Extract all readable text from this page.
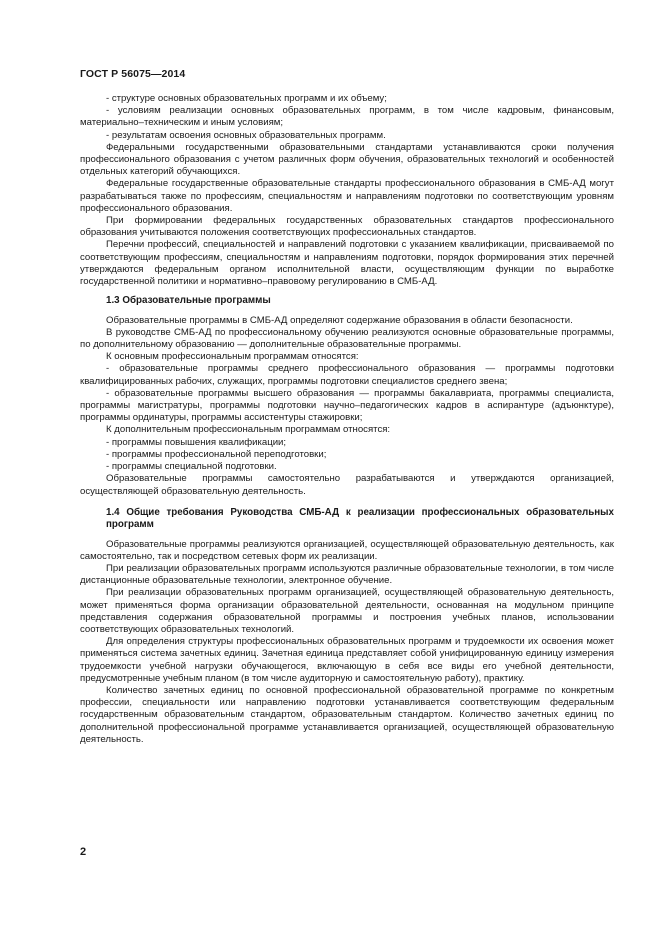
ГОСТ Р 56075—2014

- структуре основных образовательных программ и их объему;

- условиям реализации основных образовательных программ, в том числе кадровым, финансовым, материально–техническим и иным условиям;

- результатам освоения основных образовательных программ.

Федеральными государственными образовательными стандартами устанавливаются сроки получения профессионального образования с учетом различных форм обучения, образовательных технологий и особенностей отдельных категорий обучающихся.

Федеральные государственные образовательные стандарты профессионального образования в СМБ-АД могут разрабатываться также по профессиям, специальностям и направлениям подготовки по соответствующим уровням профессионального образования.

При формировании федеральных государственных образовательных стандартов профессионального образования учитываются положения соответствующих профессиональных стандартов.

Перечни профессий, специальностей и направлений подготовки с указанием квалификации, присваиваемой по соответствующим профессиям, специальностям и направлениям подготовки, порядок формирования этих перечней утверждаются федеральным органом исполнительной власти, осуществляющим функции по выработке государственной политики и нормативно–правовому регулированию в СМБ-АД.

1.3 Образовательные программы

Образовательные программы в СМБ-АД определяют содержание образования в области безопасности.

В руководстве СМБ-АД по профессиональному обучению реализуются основные образовательные программы, по дополнительному образованию — дополнительные образовательные программы.

К основным профессиональным программам относятся:

- образовательные программы среднего профессионального образования — программы подготовки квалифицированных рабочих, служащих, программы подготовки специалистов среднего звена;

- образовательные программы высшего образования — программы бакалавриата, программы специалиста, программы магистратуры, программы подготовки научно–педагогических кадров в аспирантуре (адъюнктуре), программы ординатуры, программы ассистентуры стажировки;

К дополнительным профессиональным программам относятся:

- программы повышения квалификации;

- программы профессиональной переподготовки;

- программы специальной подготовки.

Образовательные программы самостоятельно разрабатываются и утверждаются организацией, осуществляющей образовательную деятельность.

1.4 Общие требования Руководства СМБ-АД к реализации профессиональных образовательных программ

Образовательные программы реализуются организацией, осуществляющей образовательную деятельность, как самостоятельно, так и посредством сетевых форм их реализации.

При реализации образовательных программ используются различные образовательные технологии, в том числе дистанционные образовательные технологии, электронное обучение.

При реализации образовательных программ организацией, осуществляющей образовательную деятельность, может применяться форма организации образовательной деятельности, основанная на модульном принципе представления содержания образовательной программы и построения учебных планов, использовании соответствующих образовательных технологий.

Для определения структуры профессиональных образовательных программ и трудоемкости их освоения может применяться система зачетных единиц. Зачетная единица представляет собой унифицированную единицу измерения трудоемкости учебной нагрузки обучающегося, включающую в себя все виды его учебной деятельности, предусмотренные учебным планом (в том числе аудиторную и самостоятельную работу), практику.

Количество зачетных единиц по основной профессиональной образовательной программе по конкретным профессии, специальности или направлению подготовки устанавливается соответствующим федеральным государственным образовательным стандартом, образовательным стандартом. Количество зачетных единиц по дополнительной профессиональной программе устанавливается организацией, осуществляющей образовательную деятельность.

2
